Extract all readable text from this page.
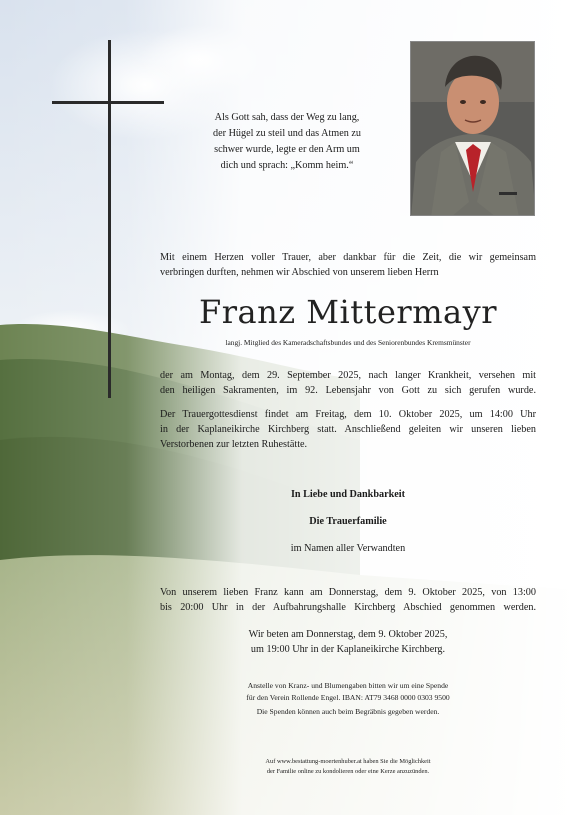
Als Gott sah, dass der Weg zu lang,
der Hügel zu steil und das Atmen zu
schwer wurde, legte er den Arm um
dich und sprach: „Komm heim.“
Mit einem Herzen voller Trauer, aber dankbar für die Zeit, die wir gemeinsam
verbringen durften, nehmen wir Abschied von unserem lieben Herrn
Franz Mittermayr
langj. Mitglied des Kameradschaftsbundes und des Seniorenbundes Kremsmünster
der am Montag, dem 29. September 2025, nach langer Krankheit, versehen mit
den heiligen Sakramenten, im 92. Lebensjahr von Gott zu sich gerufen wurde.
Der Trauergottesdienst findet am Freitag, dem 10. Oktober 2025, um 14:00 Uhr
in der Kaplaneikirche Kirchberg statt. Anschließend geleiten wir unseren lieben
Verstorbenen zur letzten Ruhestätte.
In Liebe und Dankbarkeit
Die Trauerfamilie
im Namen aller Verwandten
Von unserem lieben Franz kann am Donnerstag, dem 9. Oktober 2025, von 13:00
bis 20:00 Uhr in der Aufbahrungshalle Kirchberg Abschied genommen werden.
Wir beten am Donnerstag, dem 9. Oktober 2025,
um 19:00 Uhr in der Kaplaneikirche Kirchberg.
Anstelle von Kranz- und Blumengaben bitten wir um eine Spende
für den Verein Rollende Engel. IBAN: AT79 3468 0000 0303 9500
Die Spenden können auch beim Begräbnis gegeben werden.
Auf www.bestattung-moertenhuber.at haben Sie die Möglichkeit
der Familie online zu kondolieren oder eine Kerze anzuzünden.
